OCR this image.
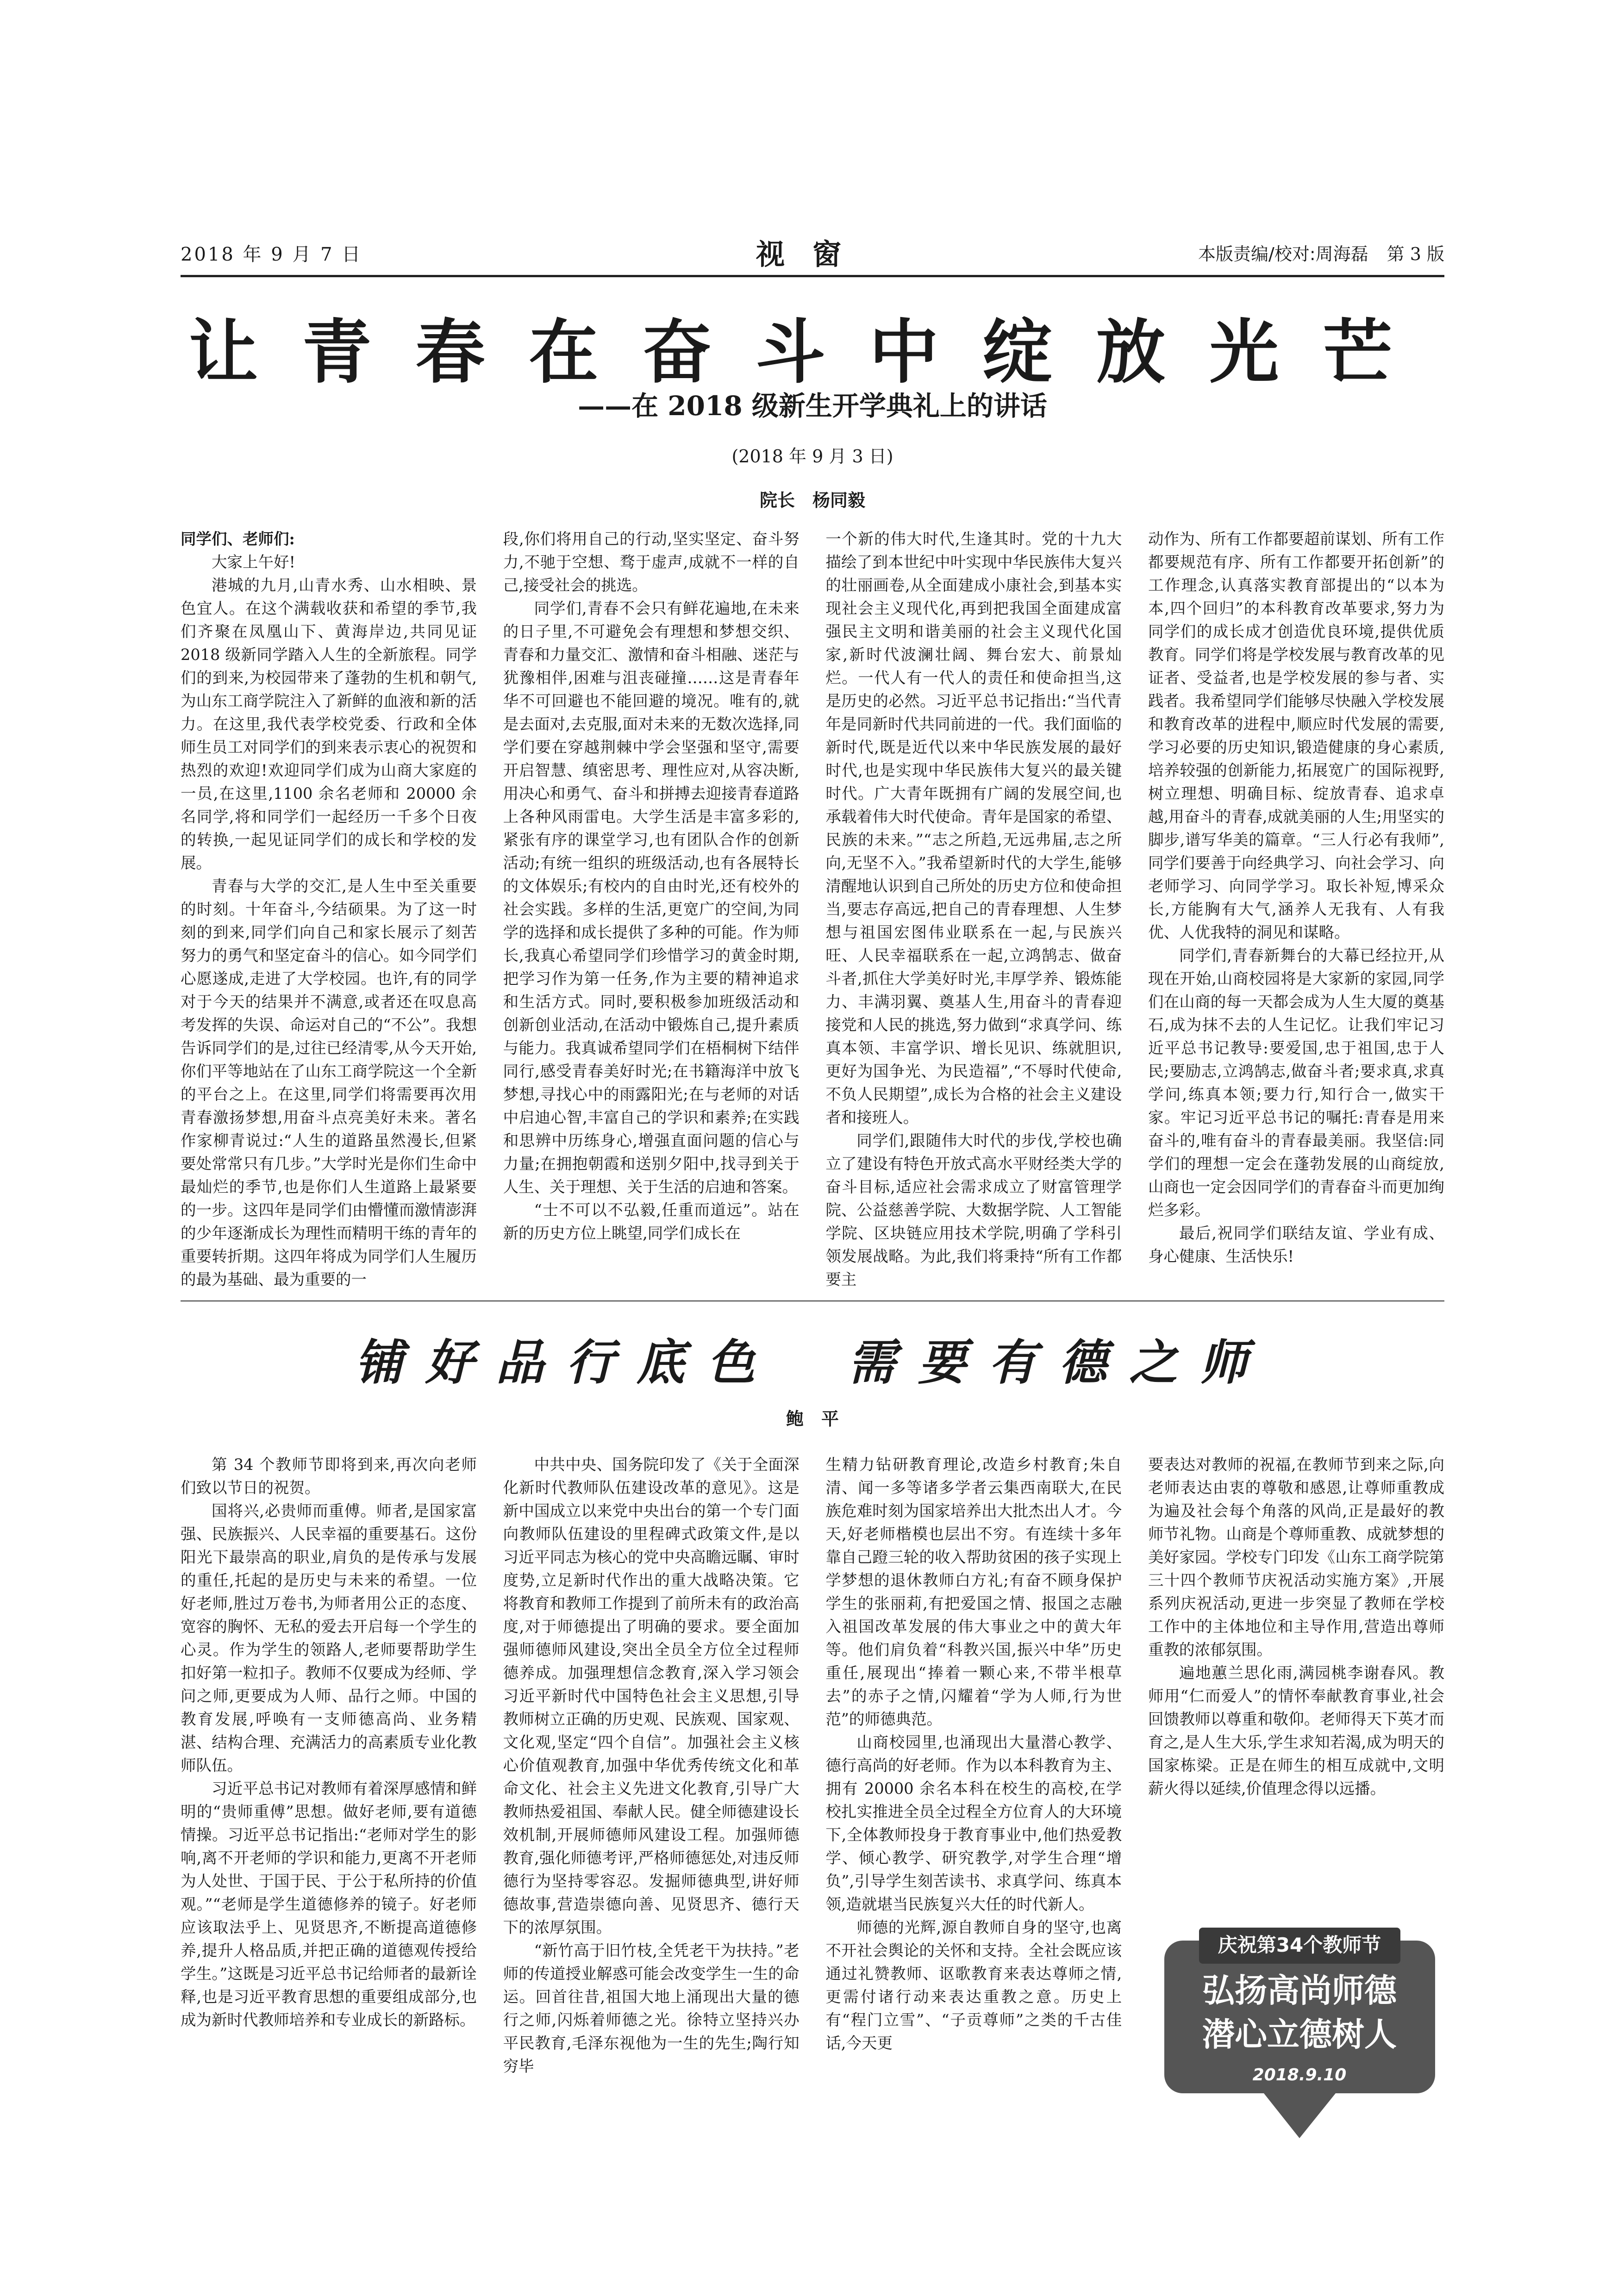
2018 年 9 月 7 日	视窗	本版责编/校对:周海磊 第 3 版
让青春在奋斗中绽放光芒
——在 2018 级新生开学典礼上的讲话
(2018 年 9 月 3 日)
院长　杨同毅

同学们、老师们:

大家上午好!

港城的九月,山青水秀、山水相映、景色宜人。在这个满载收获和希望的季节,我们齐聚在凤凰山下、黄海岸边,共同见证 2018 级新同学踏入人生的全新旅程。同学们的到来,为校园带来了蓬勃的生机和朝气,为山东工商学院注入了新鲜的血液和新的活力。在这里,我代表学校党委、行政和全体师生员工对同学们的到来表示衷心的祝贺和热烈的欢迎!欢迎同学们成为山商大家庭的一员,在这里,1100 余名老师和 20000 余名同学,将和同学们一起经历一千多个日夜的转换,一起见证同学们的成长和学校的发展。

青春与大学的交汇,是人生中至关重要的时刻。十年奋斗,今结硕果。为了这一时刻的到来,同学们向自己和家长展示了刻苦努力的勇气和坚定奋斗的信心。如今同学们心愿遂成,走进了大学校园。也许,有的同学对于今天的结果并不满意,或者还在叹息高考发挥的失误、命运对自己的“不公”。我想告诉同学们的是,过往已经清零,从今天开始,你们平等地站在了山东工商学院这一个全新的平台之上。在这里,同学们将需要再次用青春激扬梦想,用奋斗点亮美好未来。著名作家柳青说过:“人生的道路虽然漫长,但紧要处常常只有几步。”大学时光是你们生命中最灿烂的季节,也是你们人生道路上最紧要的一步。这四年是同学们由懵懂而激情澎湃的少年逐渐成长为理性而精明干练的青年的重要转折期。这四年将成为同学们人生履历的最为基础、最为重要的一

段,你们将用自己的行动,坚实坚定、奋斗努力,不驰于空想、骛于虚声,成就不一样的自己,接受社会的挑选。

同学们,青春不会只有鲜花遍地,在未来的日子里,不可避免会有理想和梦想交织、青春和力量交汇、激情和奋斗相融、迷茫与犹豫相伴,困难与沮丧碰撞……这是青春年华不可回避也不能回避的境况。唯有的,就是去面对,去克服,面对未来的无数次选择,同学们要在穿越荆棘中学会坚强和坚守,需要开启智慧、缜密思考、理性应对,从容决断,用决心和勇气、奋斗和拼搏去迎接青春道路上各种风雨雷电。大学生活是丰富多彩的,紧张有序的课堂学习,也有团队合作的创新活动;有统一组织的班级活动,也有各展特长的文体娱乐;有校内的自由时光,还有校外的社会实践。多样的生活,更宽广的空间,为同学的选择和成长提供了多种的可能。作为师长,我真心希望同学们珍惜学习的黄金时期,把学习作为第一任务,作为主要的精神追求和生活方式。同时,要积极参加班级活动和创新创业活动,在活动中锻炼自己,提升素质与能力。我真诚希望同学们在梧桐树下结伴同行,感受青春美好时光;在书籍海洋中放飞梦想,寻找心中的雨露阳光;在与老师的对话中启迪心智,丰富自己的学识和素养;在实践和思辨中历练身心,增强直面问题的信心与力量;在拥抱朝霞和送别夕阳中,找寻到关于人生、关于理想、关于生活的启迪和答案。

“士不可以不弘毅,任重而道远”。站在新的历史方位上眺望,同学们成长在

一个新的伟大时代,生逢其时。党的十九大描绘了到本世纪中叶实现中华民族伟大复兴的壮丽画卷,从全面建成小康社会,到基本实现社会主义现代化,再到把我国全面建成富强民主文明和谐美丽的社会主义现代化国家,新时代波澜壮阔、舞台宏大、前景灿烂。一代人有一代人的责任和使命担当,这是历史的必然。习近平总书记指出:“当代青年是同新时代共同前进的一代。我们面临的新时代,既是近代以来中华民族发展的最好时代,也是实现中华民族伟大复兴的最关键时代。广大青年既拥有广阔的发展空间,也承载着伟大时代使命。青年是国家的希望、民族的未来。”“志之所趋,无远弗届,志之所向,无坚不入。”我希望新时代的大学生,能够清醒地认识到自己所处的历史方位和使命担当,要志存高远,把自己的青春理想、人生梦想与祖国宏图伟业联系在一起,与民族兴旺、人民幸福联系在一起,立鸿鹄志、做奋斗者,抓住大学美好时光,丰厚学养、锻炼能力、丰满羽翼、奠基人生,用奋斗的青春迎接党和人民的挑选,努力做到“求真学问、练真本领、丰富学识、增长见识、练就胆识,更好为国争光、为民造福”,“不辱时代使命,不负人民期望”,成长为合格的社会主义建设者和接班人。

同学们,跟随伟大时代的步伐,学校也确立了建设有特色开放式高水平财经类大学的奋斗目标,适应社会需求成立了财富管理学院、公益慈善学院、大数据学院、人工智能学院、区块链应用技术学院,明确了学科引领发展战略。为此,我们将秉持“所有工作都要主

动作为、所有工作都要超前谋划、所有工作都要规范有序、所有工作都要开拓创新”的工作理念,认真落实教育部提出的“以本为本,四个回归”的本科教育改革要求,努力为同学们的成长成才创造优良环境,提供优质教育。同学们将是学校发展与教育改革的见证者、受益者,也是学校发展的参与者、实践者。我希望同学们能够尽快融入学校发展和教育改革的进程中,顺应时代发展的需要,学习必要的历史知识,锻造健康的身心素质,培养较强的创新能力,拓展宽广的国际视野,树立理想、明确目标、绽放青春、追求卓越,用奋斗的青春,成就美丽的人生;用坚实的脚步,谱写华美的篇章。“三人行必有我师”,同学们要善于向经典学习、向社会学习、向老师学习、向同学学习。取长补短,博采众长,方能胸有大气,涵养人无我有、人有我优、人优我特的洞见和谋略。

同学们,青春新舞台的大幕已经拉开,从现在开始,山商校园将是大家新的家园,同学们在山商的每一天都会成为人生大厦的奠基石,成为抹不去的人生记忆。让我们牢记习近平总书记教导:要爱国,忠于祖国,忠于人民;要励志,立鸿鹄志,做奋斗者;要求真,求真学问,练真本领;要力行,知行合一,做实干家。牢记习近平总书记的嘱托:青春是用来奋斗的,唯有奋斗的青春最美丽。我坚信:同学们的理想一定会在蓬勃发展的山商绽放,山商也一定会因同学们的青春奋斗而更加绚烂多彩。

最后,祝同学们联结友谊、学业有成、身心健康、生活快乐!

铺好品行底色　需要有德之师
鲍　平

第 34 个教师节即将到来,再次向老师们致以节日的祝贺。

国将兴,必贵师而重傅。师者,是国家富强、民族振兴、人民幸福的重要基石。这份阳光下最崇高的职业,肩负的是传承与发展的重任,托起的是历史与未来的希望。一位好老师,胜过万卷书,为师者用公正的态度、宽容的胸怀、无私的爱去开启每一个学生的心灵。作为学生的领路人,老师要帮助学生扣好第一粒扣子。教师不仅要成为经师、学问之师,更要成为人师、品行之师。中国的教育发展,呼唤有一支师德高尚、业务精湛、结构合理、充满活力的高素质专业化教师队伍。

习近平总书记对教师有着深厚感情和鲜明的“贵师重傅”思想。做好老师,要有道德情操。习近平总书记指出:“老师对学生的影响,离不开老师的学识和能力,更离不开老师为人处世、于国于民、于公于私所持的价值观。”“老师是学生道德修养的镜子。好老师应该取法乎上、见贤思齐,不断提高道德修养,提升人格品质,并把正确的道德观传授给学生。”这既是习近平总书记给师者的最新诠释,也是习近平教育思想的重要组成部分,也成为新时代教师培养和专业成长的新路标。

中共中央、国务院印发了《关于全面深化新时代教师队伍建设改革的意见》。这是新中国成立以来党中央出台的第一个专门面向教师队伍建设的里程碑式政策文件,是以习近平同志为核心的党中央高瞻远瞩、审时度势,立足新时代作出的重大战略决策。它将教育和教师工作提到了前所未有的政治高度,对于师德提出了明确的要求。要全面加强师德师风建设,突出全员全方位全过程师德养成。加强理想信念教育,深入学习领会习近平新时代中国特色社会主义思想,引导教师树立正确的历史观、民族观、国家观、文化观,坚定“四个自信”。加强社会主义核心价值观教育,加强中华优秀传统文化和革命文化、社会主义先进文化教育,引导广大教师热爱祖国、奉献人民。健全师德建设长效机制,开展师德师风建设工程。加强师德教育,强化师德考评,严格师德惩处,对违反师德行为坚持零容忍。发掘师德典型,讲好师德故事,营造崇德向善、见贤思齐、德行天下的浓厚氛围。

“新竹高于旧竹枝,全凭老干为扶持。”老师的传道授业解惑可能会改变学生一生的命运。回首往昔,祖国大地上涌现出大量的德行之师,闪烁着师德之光。徐特立坚持兴办平民教育,毛泽东视他为一生的先生;陶行知穷毕

生精力钻研教育理论,改造乡村教育;朱自清、闻一多等诸多学者云集西南联大,在民族危难时刻为国家培养出大批杰出人才。今天,好老师楷模也层出不穷。有连续十多年靠自己蹬三轮的收入帮助贫困的孩子实现上学梦想的退休教师白方礼;有奋不顾身保护学生的张丽莉,有把爱国之情、报国之志融入祖国改革发展的伟大事业之中的黄大年等。他们肩负着“科教兴国,振兴中华”历史重任,展现出“捧着一颗心来,不带半根草去”的赤子之情,闪耀着“学为人师,行为世范”的师德典范。

山商校园里,也涌现出大量潜心教学、德行高尚的好老师。作为以本科教育为主、拥有 20000 余名本科在校生的高校,在学校扎实推进全员全过程全方位育人的大环境下,全体教师投身于教育事业中,他们热爱教学、倾心教学、研究教学,对学生合理“增负”,引导学生刻苦读书、求真学问、练真本领,造就堪当民族复兴大任的时代新人。

师德的光辉,源自教师自身的坚守,也离不开社会舆论的关怀和支持。全社会既应该通过礼赞教师、讴歌教育来表达尊师之情,更需付诸行动来表达重教之意。历史上有“程门立雪”、“子贡尊师”之类的千古佳话,今天更

要表达对教师的祝福,在教师节到来之际,向老师表达由衷的尊敬和感恩,让尊师重教成为遍及社会每个角落的风尚,正是最好的教师节礼物。山商是个尊师重教、成就梦想的美好家园。学校专门印发《山东工商学院第三十四个教师节庆祝活动实施方案》,开展系列庆祝活动,更进一步突显了教师在学校工作中的主体地位和主导作用,营造出尊师重教的浓郁氛围。

遍地蕙兰思化雨,满园桃李谢春风。教师用“仁而爱人”的情怀奉献教育事业,社会回馈教师以尊重和敬仰。老师得天下英才而育之,是人生大乐,学生求知若渴,成为明天的国家栋梁。正是在师生的相互成就中,文明薪火得以延续,价值理念得以远播。

庆祝第34个教师节
弘扬高尚师德
潜心立德树人
2018.9.10
